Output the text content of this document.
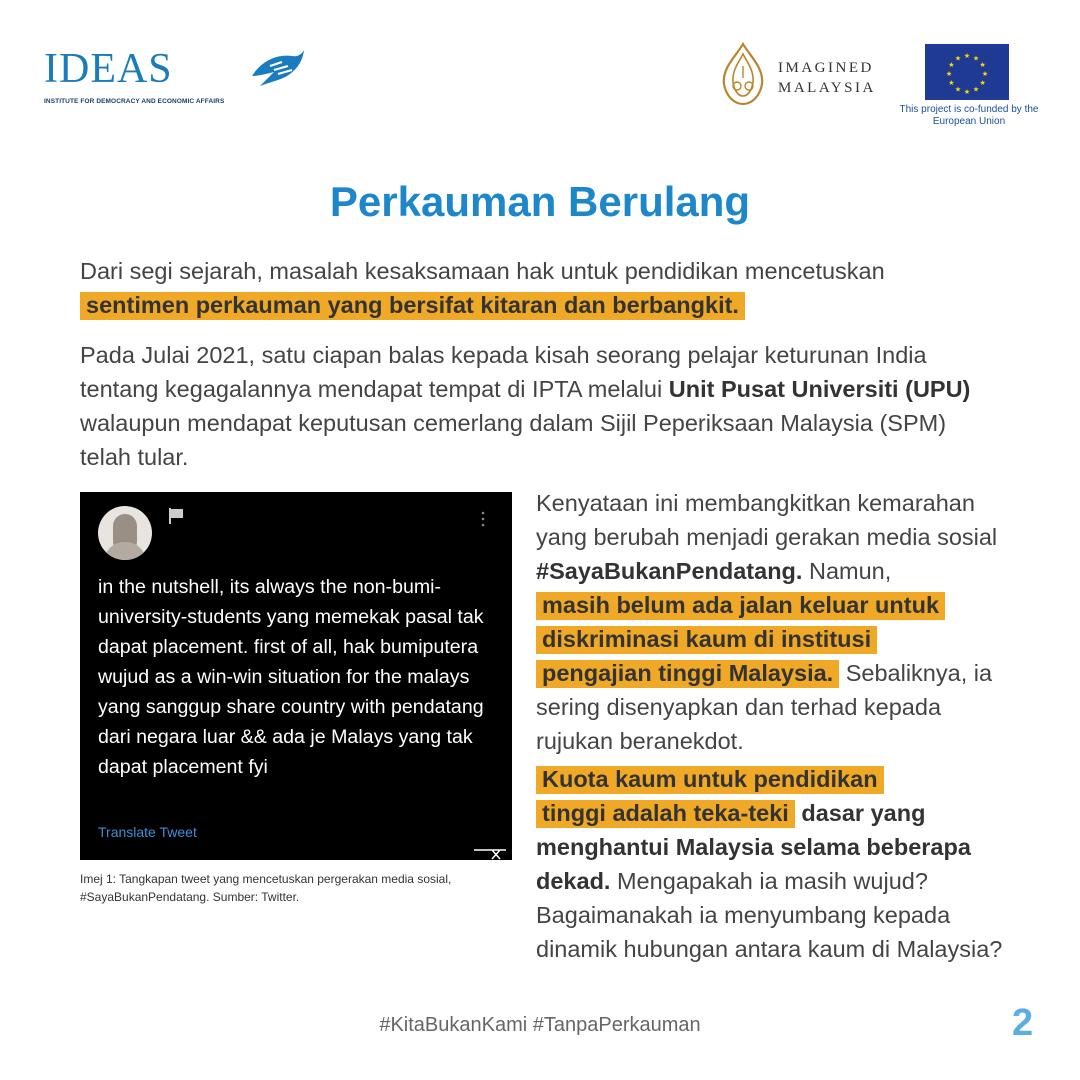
IDEAS
INSTITUTE FOR DEMOCRACY AND ECONOMIC AFFAIRS
IMAGINED
MALAYSIA
★ ★
★
★
★
★
★
★
★
★
★
★
This project is co-funded by the European Union
Perkauman Berulang
Dari segi sejarah, masalah kesaksamaan hak untuk pendidikan mencetuskan
sentimen perkauman yang bersifat kitaran dan berbangkit.
Pada Julai 2021, satu ciapan balas kepada kisah seorang pelajar keturunan India tentang kegagalannya mendapat tempat di IPTA melalui Unit Pusat Universiti (UPU) walaupun mendapat keputusan cemerlang dalam Sijil Peperiksaan Malaysia (SPM) telah tular.
in the nutshell, its always the non-bumi-university-students yang memekak pasal tak dapat placement. first of all, hak bumiputera wujud as a win-win situation for the malays yang sanggup share country with pendatang dari negara luar && ada je Malays yang tak dapat placement fyi
Translate Tweet
Imej 1: Tangkapan tweet yang mencetuskan pergerakan media sosial, #SayaBukanPendatang. Sumber: Twitter.
Kenyataan ini membangkitkan kemarahan yang berubah menjadi gerakan media sosial #SayaBukanPendatang. Namun,
masih belum ada jalan keluar untuk
diskriminasi kaum di institusi
pengajian tinggi Malaysia. Sebaliknya, ia sering disenyapkan dan terhad kepada rujukan beranekdot.
Kuota kaum untuk pendidikan
tinggi adalah teka-teki dasar yang menghantui Malaysia selama beberapa dekad. Mengapakah ia masih wujud? Bagaimanakah ia menyumbang kepada dinamik hubungan antara kaum di Malaysia?
#KitaBukanKami #TanpaPerkauman	2
